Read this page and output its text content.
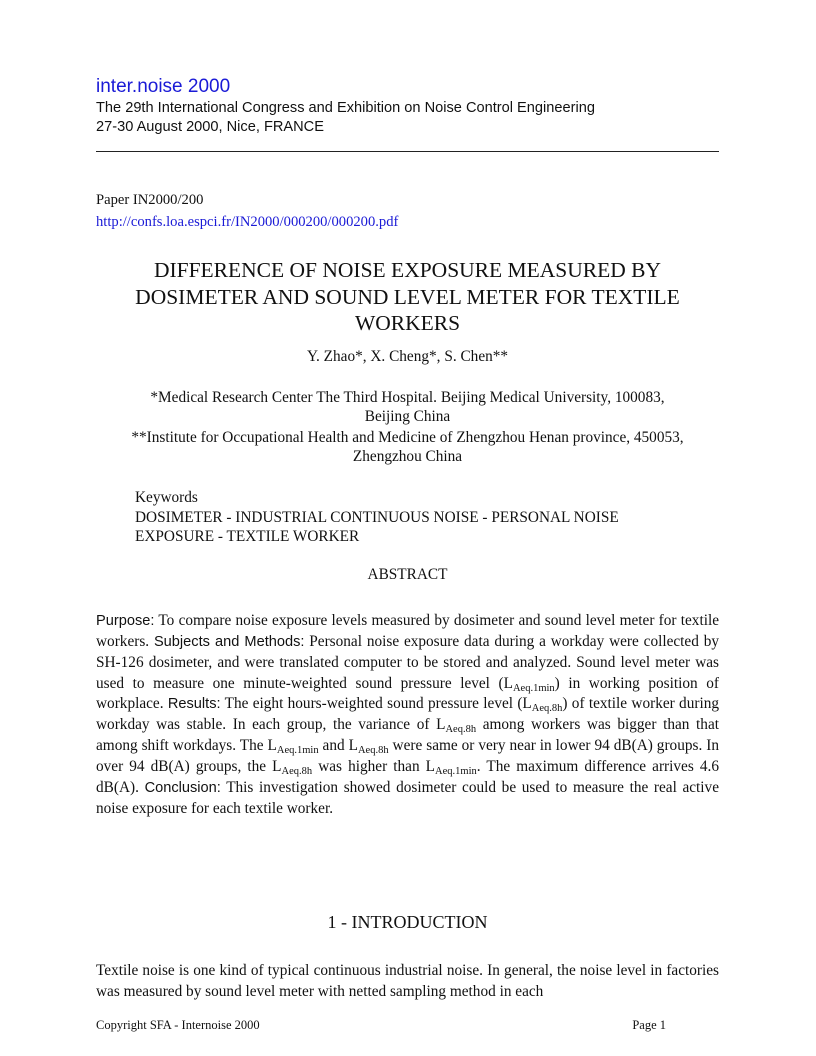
inter.noise 2000
The 29th International Congress and Exhibition on Noise Control Engineering
27-30 August 2000, Nice, FRANCE
Paper IN2000/200
http://confs.loa.espci.fr/IN2000/000200/000200.pdf
DIFFERENCE OF NOISE EXPOSURE MEASURED BY DOSIMETER AND SOUND LEVEL METER FOR TEXTILE WORKERS
Y. Zhao*, X. Cheng*, S. Chen**
*Medical Research Center The Third Hospital. Beijing Medical University, 100083,
Beijing China
**Institute for Occupational Health and Medicine of Zhengzhou Henan province, 450053,
Zhengzhou China
Keywords
DOSIMETER - INDUSTRIAL CONTINUOUS NOISE - PERSONAL NOISE
EXPOSURE - TEXTILE WORKER
ABSTRACT
Purpose: To compare noise exposure levels measured by dosimeter and sound level meter for textile workers. Subjects and Methods: Personal noise exposure data during a workday were collected by SH-126 dosimeter, and were translated computer to be stored and analyzed. Sound level meter was used to measure one minute-weighted sound pressure level $(L_{Aeq.1min})$ in working position of workplace. Results: The eight hours-weighted sound pressure level $(L_{Aeq.8h})$ of textile worker during workday was stable. In each group, the variance of $L_{Aeq.8h}$ among workers was bigger than that among shift workdays. The $L_{Aeq.1min}$ and $L_{Aeq.8h}$ were same or very near in lower 94 dB(A) groups. In over 94 dB(A) groups, the $L_{Aeq.8h}$ was higher than $L_{Aeq.1min}$. The maximum difference arrives 4.6 dB(A). Conclusion: This investigation showed dosimeter could be used to measure the real active noise exposure for each textile worker.
1 - INTRODUCTION
Textile noise is one kind of typical continuous industrial noise. In general, the noise level in factories was measured by sound level meter with netted sampling method in each
Copyright SFA - Internoise 2000	Page 1
